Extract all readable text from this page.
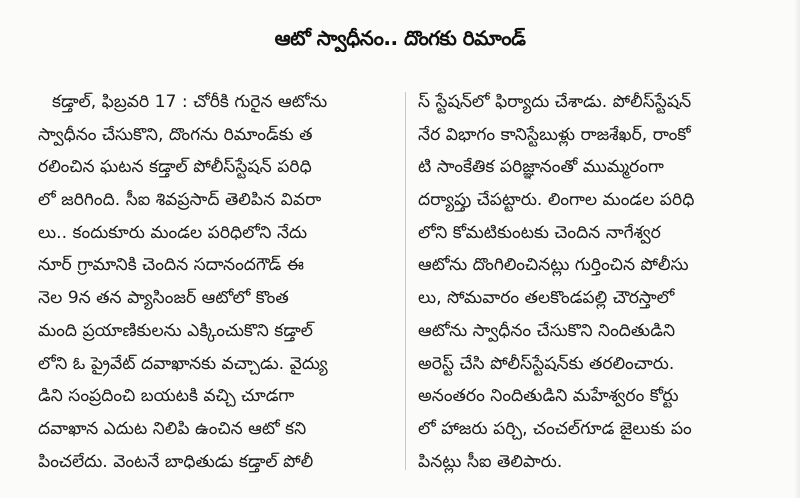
ఆటో స్వాధీనం.. దొంగకు రిమాండ్
కడ్తాల్‌, ఫిబ్రవరి 17 : చోరీకి గురైన ఆటోను
స్వాధీనం చేసుకొని, దొంగను రిమాండ్‌కు త
రలించిన ఘటన కడ్తాల్‌ పోలీస్‌స్టేషన్‌ పరిధి
లో జరిగింది. సీఐ శివప్రసాద్‌ తెలిపిన వివరా
లు.. కందుకూరు మండల పరిధిలోని నేదు
నూర్‌ గ్రామానికి చెందిన సదానందగౌడ్‌ ఈ
నెల 9న తన ప్యాసింజర్‌ ఆటోలో కొంత
మంది ప్రయాణికులను ఎక్కించుకొని కడ్తాల్‌
లోని ఓ ప్రైవేట్‌ దవాఖానకు వచ్చాడు. వైద్యు
డిని సంప్రదించి బయటకి వచ్చి చూడగా
దవాఖాన ఎదుట నిలిపి ఉంచిన ఆటో కని
పించలేదు. వెంటనే బాధితుడు కడ్తాల్‌ పోలీ
స్‌ స్టేషన్‌లో ఫిర్యాదు చేశాడు. పోలీస్‌స్టేషన్‌
నేర విభాగం కానిస్టేబుళ్లు రాజశేఖర్‌, రాంకో
టి సాంకేతిక పరిజ్ఞానంతో ముమ్మరంగా
దర్యాప్తు చేపట్టారు. లింగాల మండల పరిధి
లోని కోమటికుంటకు చెందిన నాగేశ్వర
ఆటోను దొంగిలించినట్లు గుర్తించిన పోలీసు
లు, సోమవారం తలకొండపల్లి చౌరస్తాలో
ఆటోను స్వాధీనం చేసుకొని నిందితుడిని
అరెస్ట్‌ చేసి పోలీస్‌స్టేషన్‌కు తరలించారు.
అనంతరం నిందితుడిని మహేశ్వరం కోర్టు
లో హాజరు పర్చి, చంచల్‌గూడ జైలుకు పం
పినట్లు సీఐ తెలిపారు.
